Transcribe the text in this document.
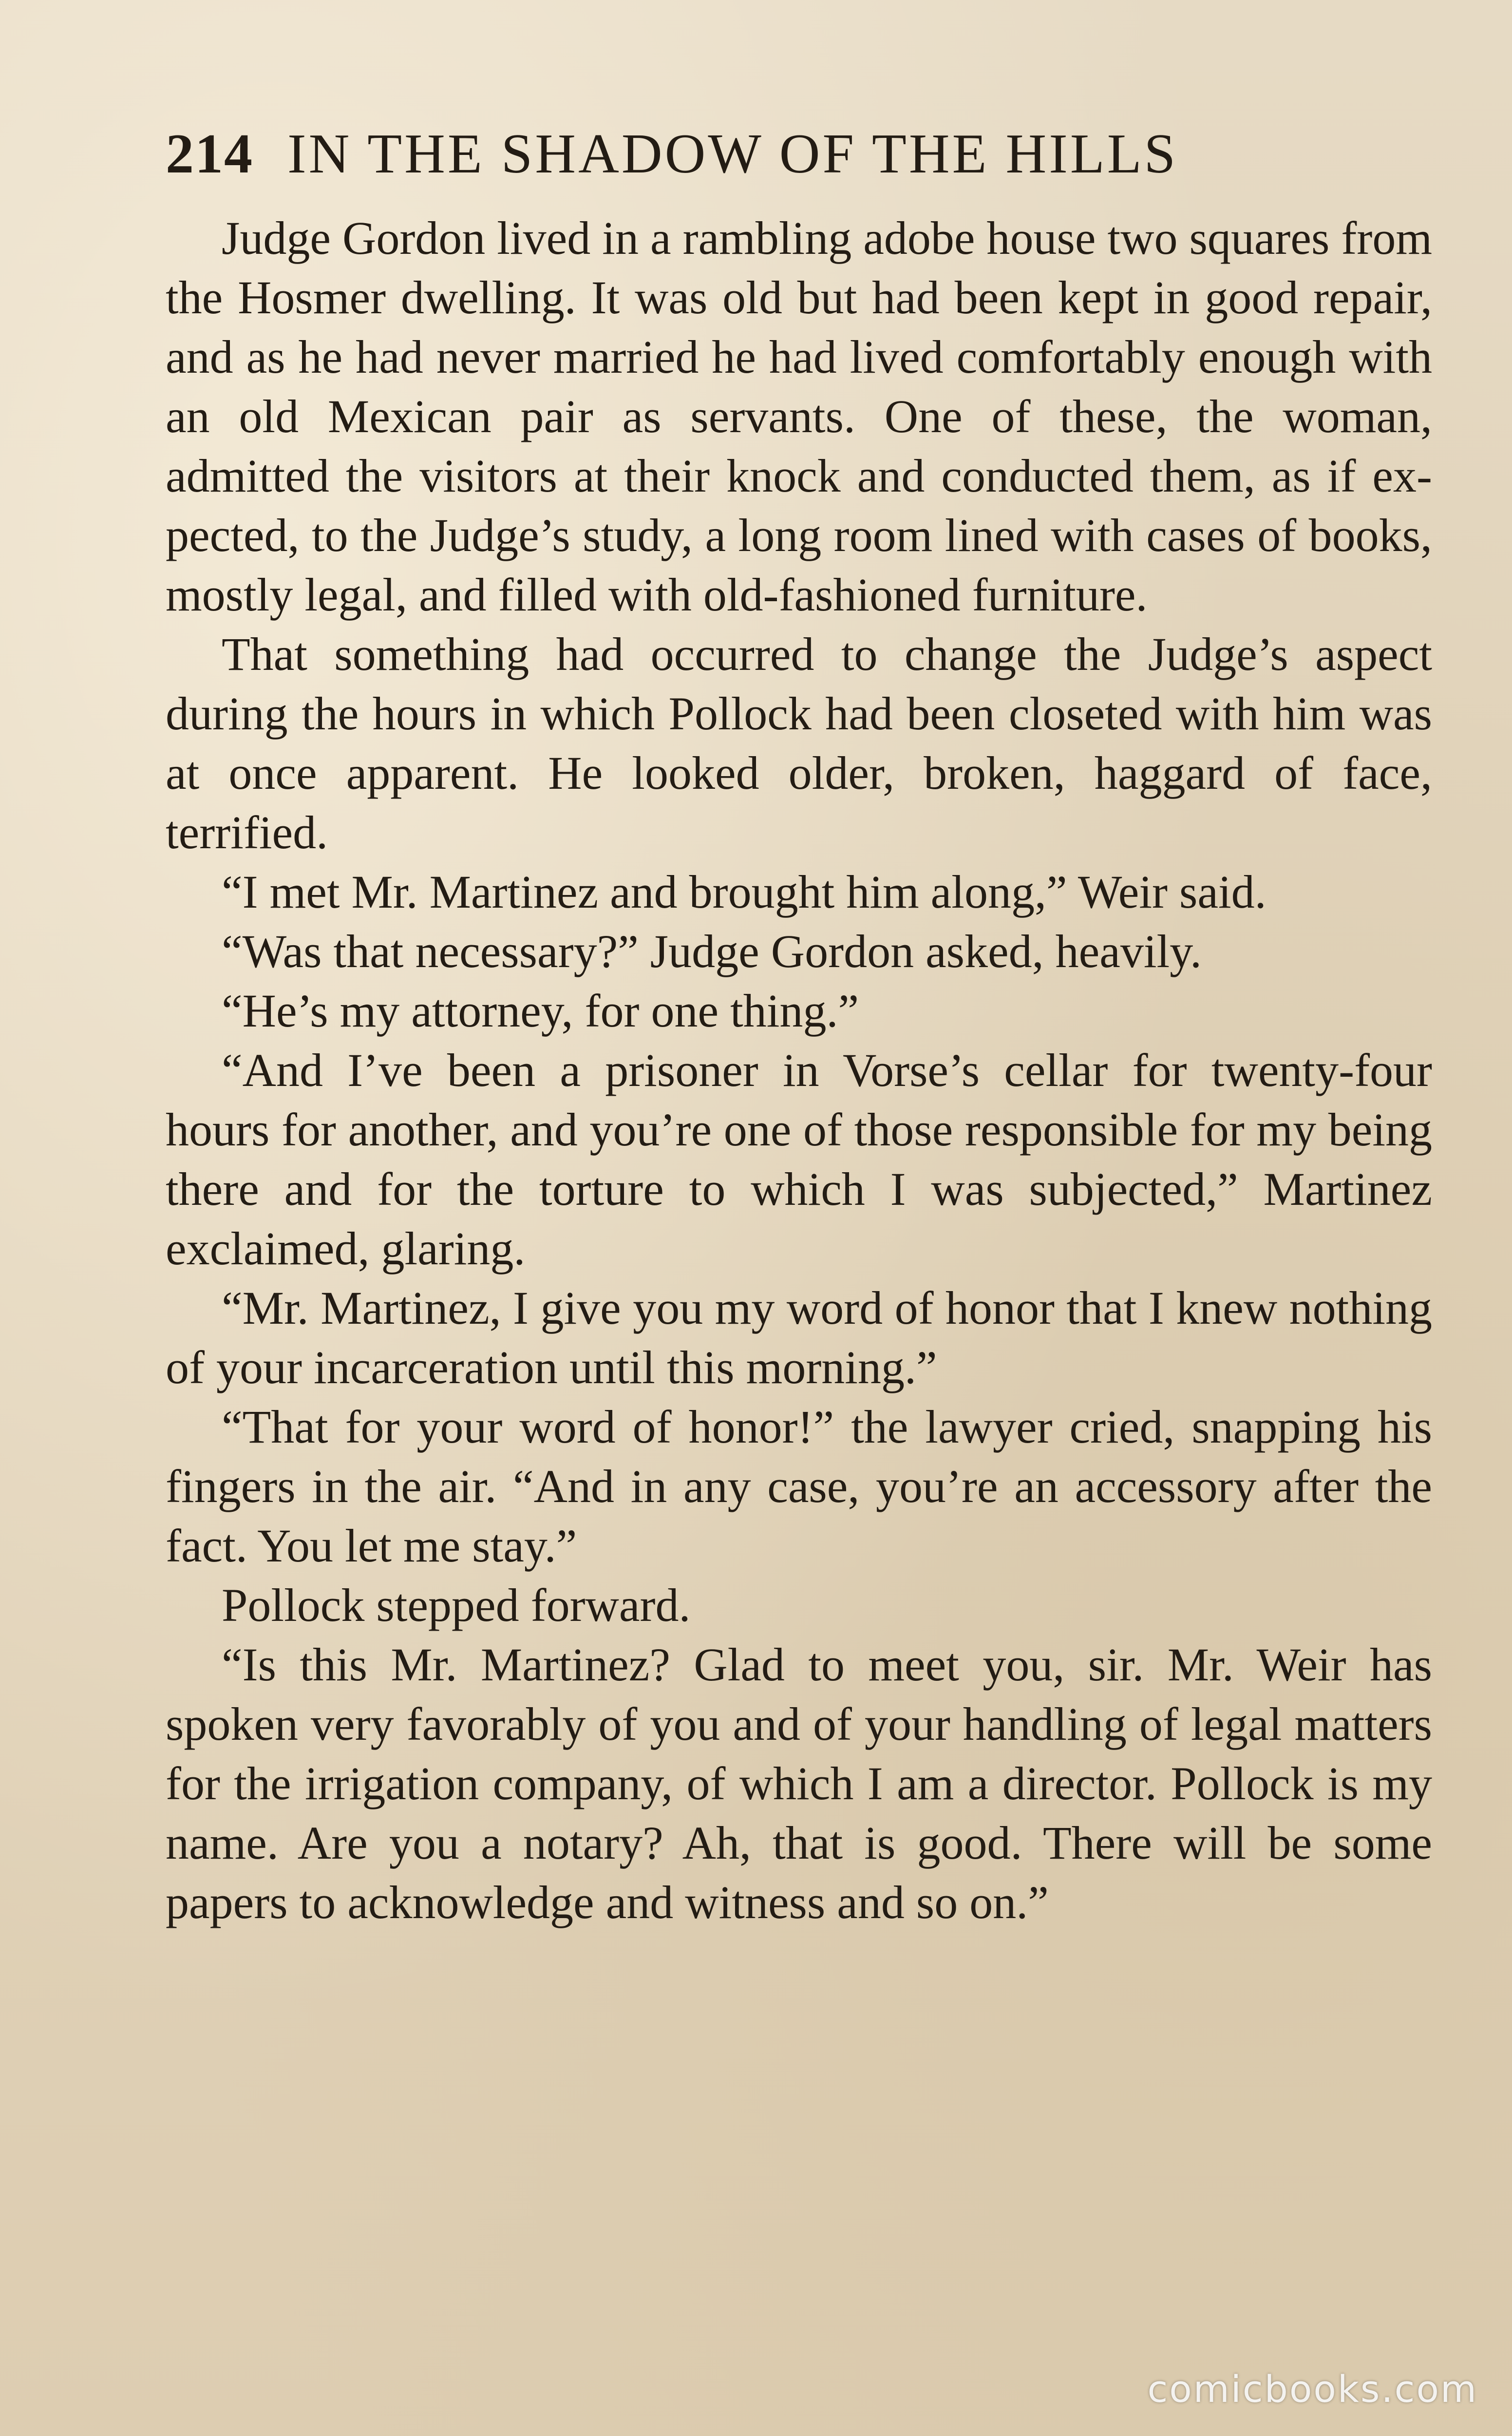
214 IN THE SHADOW OF THE HILLS

Judge Gordon lived in a rambling adobe house two squares from the Hosmer dwelling. It was old but had been kept in good repair, and as he had never married he had lived comfortably enough with an old Mexican pair as servants. One of these, the woman, admitted the visitors at their knock and conducted them, as if expected, to the Judge’s study, a long room lined with cases of books, mostly legal, and filled with old-fashioned furniture.

That something had occurred to change the Judge’s aspect during the hours in which Pollock had been closeted with him was at once apparent. He looked older, broken, haggard of face, terrified.

“I met Mr. Martinez and brought him along,” Weir said.

“Was that necessary?” Judge Gordon asked, heavily.

“He’s my attorney, for one thing.”

“And I’ve been a prisoner in Vorse’s cellar for twenty-four hours for another, and you’re one of those responsible for my being there and for the torture to which I was subjected,” Martinez exclaimed, glaring.

“Mr. Martinez, I give you my word of honor that I knew nothing of your incarceration until this morning.”

“That for your word of honor!” the lawyer cried, snapping his fingers in the air. “And in any case, you’re an accessory after the fact. You let me stay.”

Pollock stepped forward.

“Is this Mr. Martinez? Glad to meet you, sir. Mr. Weir has spoken very favorably of you and of your handling of legal matters for the irrigation company, of which I am a director. Pollock is my name. Are you a notary? Ah, that is good. There will be some papers to acknowledge and witness and so on.”

comicbooks.com
